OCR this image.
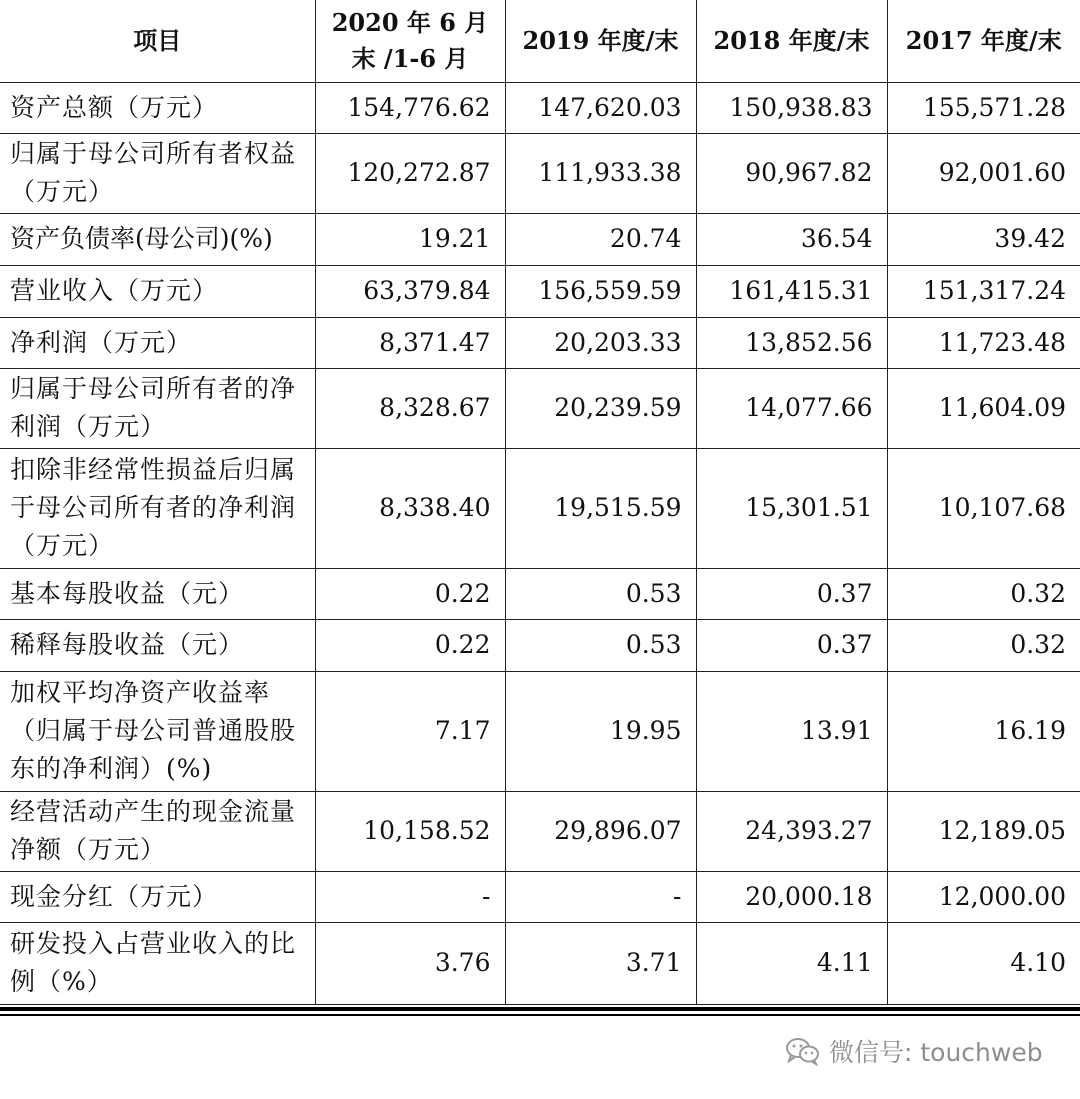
项目	2020 年 6 月末 /1-6 月	2019 年度/末	2018 年度/末	2017 年度/末
资产总额（万元）	154,776.62	147,620.03	150,938.83	155,571.28
归属于母公司所有者权益（万元）	120,272.87	111,933.38	90,967.82	92,001.60
资产负债率(母公司)(%)	19.21	20.74	36.54	39.42
营业收入（万元）	63,379.84	156,559.59	161,415.31	151,317.24
净利润（万元）	8,371.47	20,203.33	13,852.56	11,723.48
归属于母公司所有者的净利润（万元）	8,328.67	20,239.59	14,077.66	11,604.09
扣除非经常性损益后归属于母公司所有者的净利润（万元）	8,338.40	19,515.59	15,301.51	10,107.68
基本每股收益（元）	0.22	0.53	0.37	0.32
稀释每股收益（元）	0.22	0.53	0.37	0.32
加权平均净资产收益率（归属于母公司普通股股东的净利润）(%)	7.17	19.95	13.91	16.19
经营活动产生的现金流量净额（万元）	10,158.52	29,896.07	24,393.27	12,189.05
现金分红（万元）	-	-	20,000.18	12,000.00
研发投入占营业收入的比例（%）	3.76	3.71	4.11	4.10
微信号: touchweb
